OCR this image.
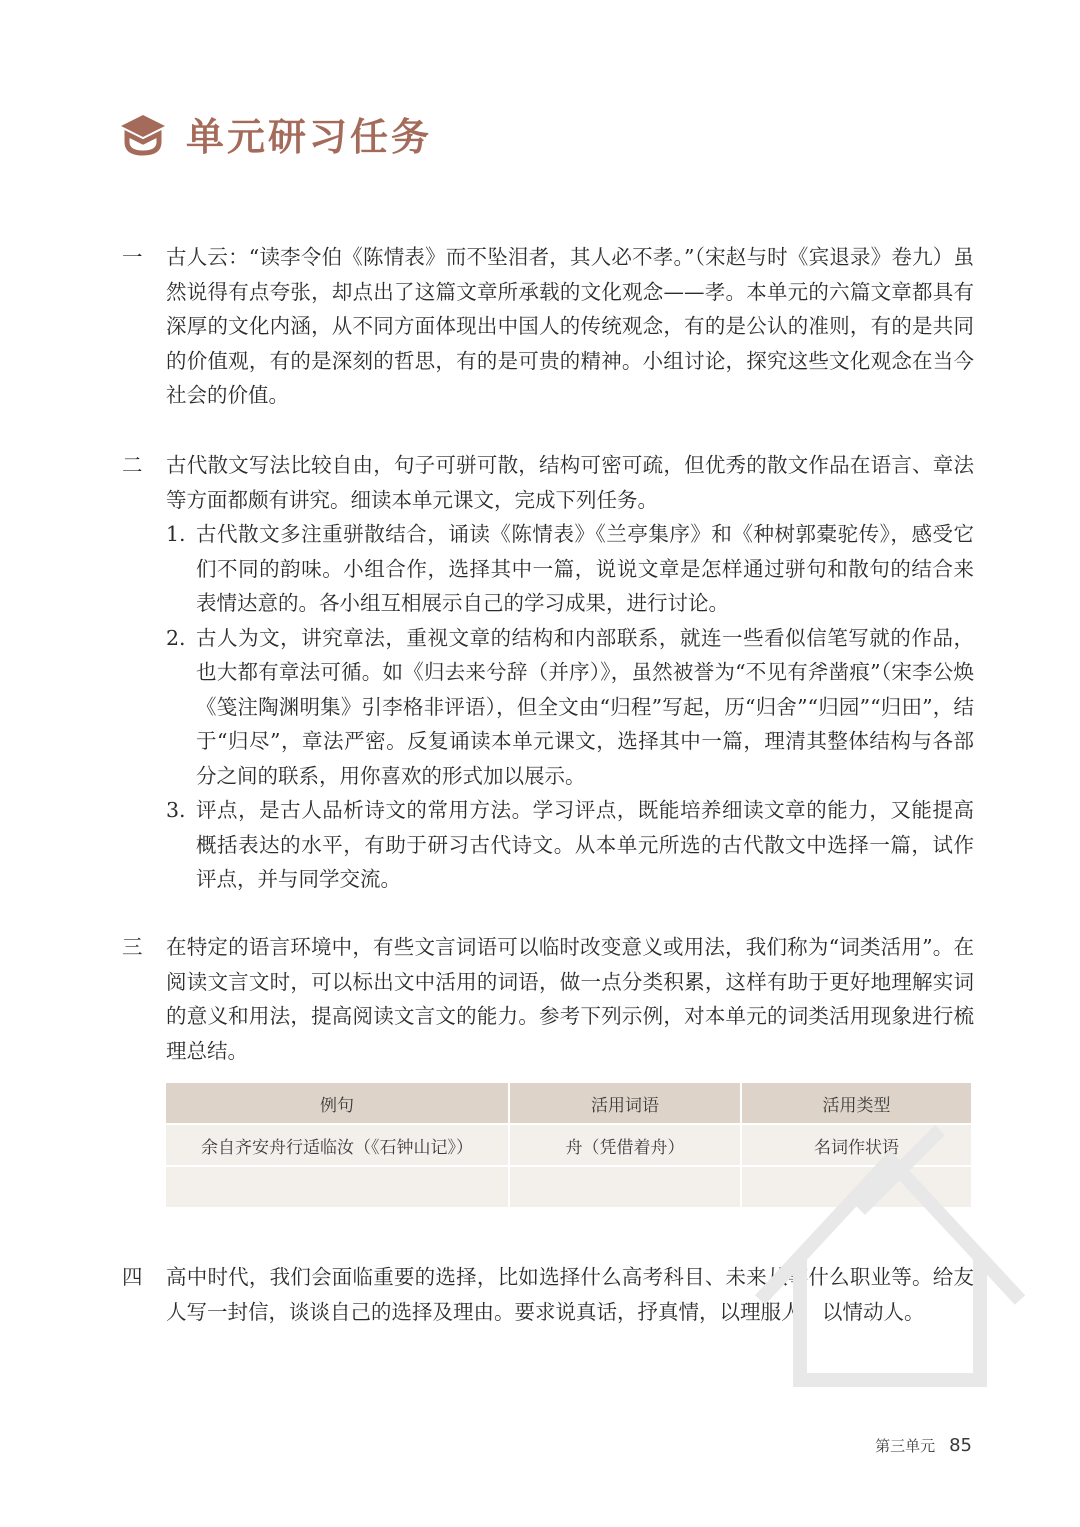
单元研习任务
一	古人云：“读李令伯《陈情表》而不坠泪者，其人必不孝。”（宋赵与时《宾退录》卷九）虽然说得有点夸张，却点出了这篇文章所承载的文化观念——孝。本单元的六篇文章都具有深厚的文化内涵，从不同方面体现出中国人的传统观念，有的是公认的准则，有的是共同的价值观，有的是深刻的哲思，有的是可贵的精神。小组讨论，探究这些文化观念在当今社会的价值。
二	古代散文写法比较自由，句子可骈可散，结构可密可疏，但优秀的散文作品在语言、章法等方面都颇有讲究。细读本单元课文，完成下列任务。
1. 古代散文多注重骈散结合，诵读《陈情表》《兰亭集序》和《种树郭橐驼传》，感受它们不同的韵味。小组合作，选择其中一篇，说说文章是怎样通过骈句和散句的结合来表情达意的。各小组互相展示自己的学习成果，进行讨论。
2. 古人为文，讲究章法，重视文章的结构和内部联系，就连一些看似信笔写就的作品，也大都有章法可循。如《归去来兮辞（并序）》，虽然被誉为“不见有斧凿痕”（宋李公焕《笺注陶渊明集》引李格非评语），但全文由“归程”写起，历“归舍”“归园”“归田”，结于“归尽”，章法严密。反复诵读本单元课文，选择其中一篇，理清其整体结构与各部分之间的联系，用你喜欢的形式加以展示。
3. 评点，是古人品析诗文的常用方法。学习评点，既能培养细读文章的能力，又能提高概括表达的水平，有助于研习古代诗文。从本单元所选的古代散文中选择一篇，试作评点，并与同学交流。
三	在特定的语言环境中，有些文言词语可以临时改变意义或用法，我们称为“词类活用”。在阅读文言文时，可以标出文中活用的词语，做一点分类积累，这样有助于更好地理解实词的意义和用法，提高阅读文言文的能力。参考下列示例，对本单元的词类活用现象进行梳理总结。
例句	活用词语	活用类型
余自齐安舟行适临汝（《石钟山记》）	舟（凭借着舟）	名词作状语

四	高中时代，我们会面临重要的选择，比如选择什么高考科目、未来从事什么职业等。给友人写一封信，谈谈自己的选择及理由。要求说真话，抒真情，以理服人，以情动人。
第三单元 85
